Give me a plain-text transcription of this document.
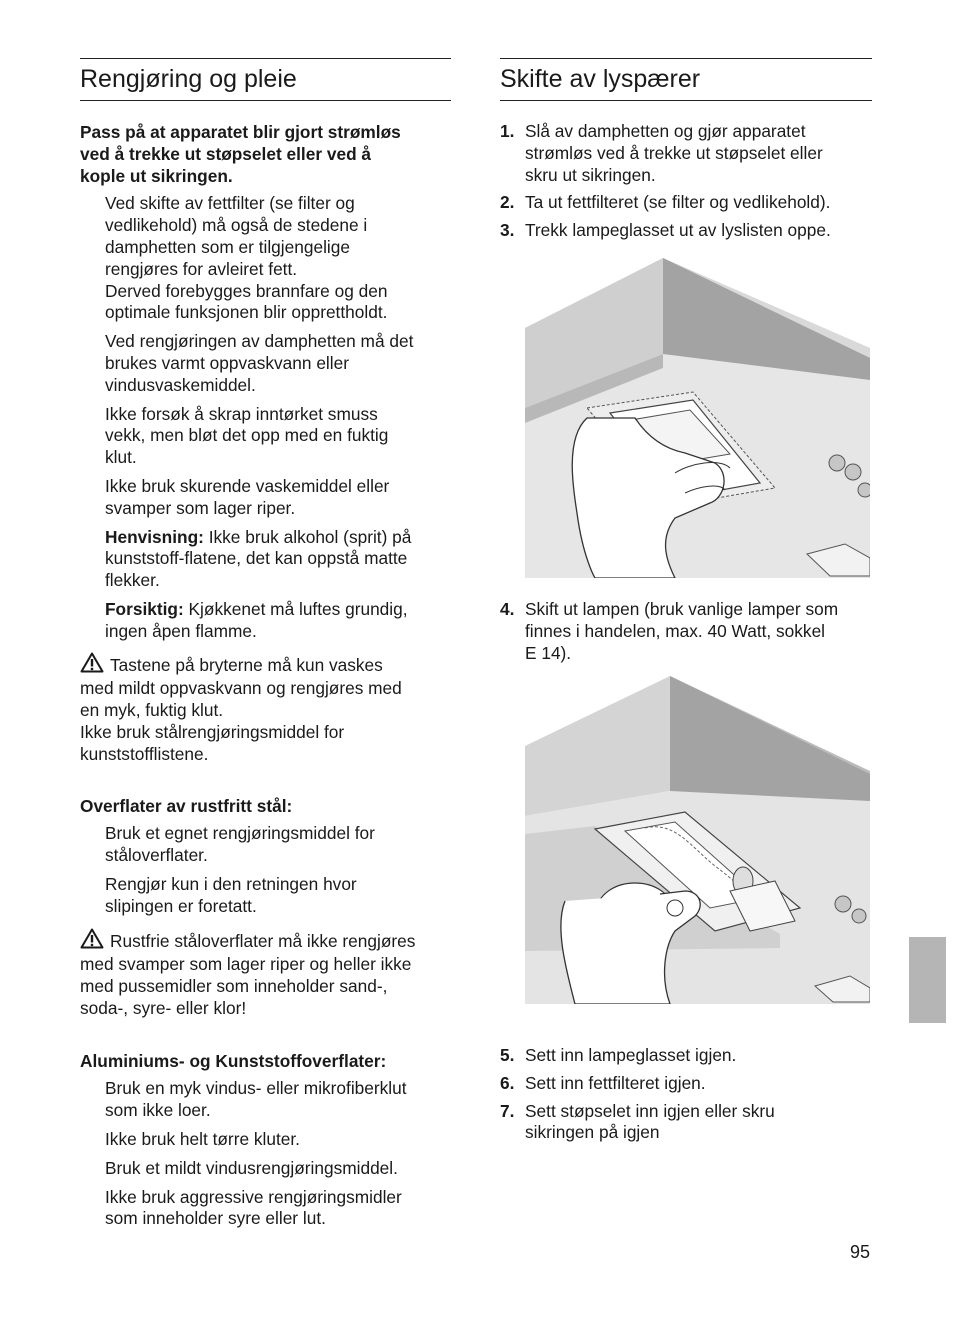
Rengjøring og pleie

Pass på at apparatet blir gjort strømløs
ved å trekke ut støpselet eller ved å
kople ut sikringen.

Ved skifte av fettfilter (se filter og
vedlikehold) må også de stedene i
damphetten som er tilgjengelige
rengjøres for avleiret fett.
Derved forebygges brannfare og den
optimale funksjonen blir opprettholdt.

Ved rengjøringen av damphetten må det
brukes varmt oppvaskvann eller
vindusvaskemiddel.

Ikke forsøk å skrap inntørket smuss
vekk, men bløt det opp med en fuktig
klut.

Ikke bruk skurende vaskemiddel eller
svamper som lager riper.

Henvisning: Ikke bruk alkohol (sprit) på
kunststoff-flatene, det kan oppstå matte
flekker.

Forsiktig: Kjøkkenet må luftes grundig,
ingen åpen flamme.

Tastene på bryterne må kun vaskes
med mildt oppvaskvann og rengjøres med
en myk, fuktig klut.
Ikke bruk stålrengjøringsmiddel for
kunststofflistene.

Overflater av rustfritt stål:

Bruk et egnet rengjøringsmiddel for
ståloverflater.

Rengjør kun i den retningen hvor
slipingen er foretatt.

Rustfrie ståloverflater må ikke rengjøres
med svamper som lager riper og heller ikke
med pussemidler som inneholder sand-,
soda-, syre- eller klor!

Aluminiums- og Kunststoffoverflater:

Bruk en myk vindus- eller mikrofiberklut
som ikke loer.

Ikke bruk helt tørre kluter.

Bruk et mildt vindusrengjøringsmiddel.

Ikke bruk aggressive rengjøringsmidler
som inneholder syre eller lut.

Skifte av lyspærer
1. Slå av damphetten og gjør apparatet
strømløs ved å trekke ut støpselet eller
skru ut sikringen.
2. Ta ut fettfilteret (se filter og vedlikehold).
3. Trekk lampeglasset ut av lyslisten oppe.
4. Skift ut lampen (bruk vanlige lamper som
finnes i handelen, max. 40 Watt, sokkel
E 14).
5. Sett inn lampeglasset igjen.
6. Sett inn fettfilteret igjen.
7. Sett støpselet inn igjen eller skru
sikringen på igjen
95
